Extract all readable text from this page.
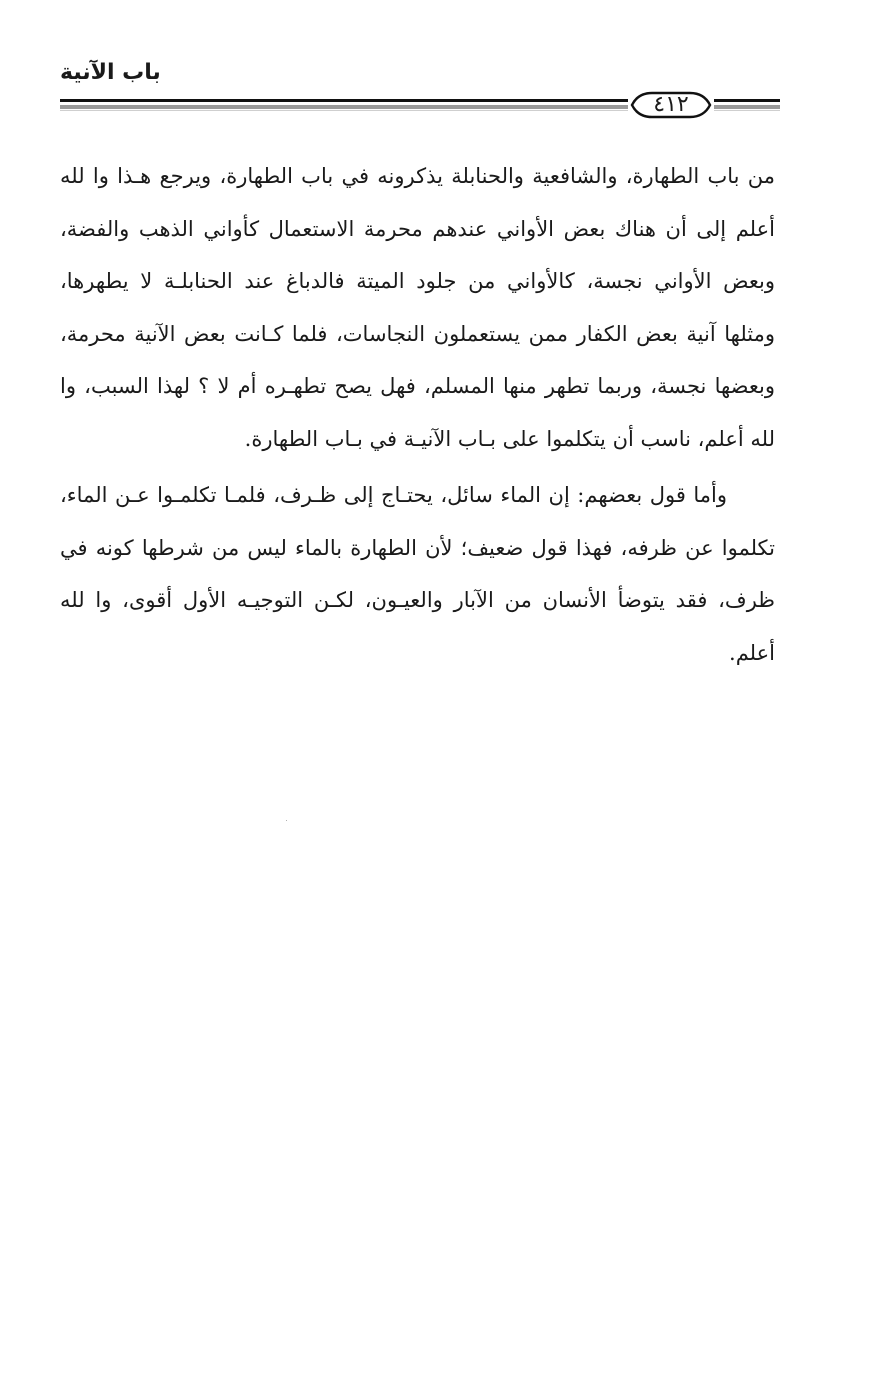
باب الآنية
٤١٢

من باب الطهارة، والشافعية والحنابلة يذكرونه في باب الطهارة، ويرجع هـذا وا لله أعلم إلى أن هناك بعض الأواني عندهم محرمة الاستعمال كأواني الذهب والفضة، وبعض الأواني نجسة، كالأواني من جلود الميتة فالدباغ عند الحنابلـة لا يطهرها، ومثلها آنية بعض الكفار ممن يستعملون النجاسات، فلما كـانت بعض الآنية محرمة، وبعضها نجسة، وربما تطهر منها المسلم، فهل يصح تطهـره أم لا ؟ لهذا السبب، وا لله أعلم، ناسب أن يتكلموا على بـاب الآنيـة في بـاب الطهارة.

وأما قول بعضهم: إن الماء سائل، يحتـاج إلى ظـرف، فلمـا تكلمـوا عـن الماء، تكلموا عن ظرفه، فهذا قول ضعيف؛ لأن الطهارة بالماء ليس من شرطها كونه في ظرف، فقد يتوضأ الأنسان من الآبار والعيـون، لكـن التوجيـه الأول أقوى، وا لله أعلم.
